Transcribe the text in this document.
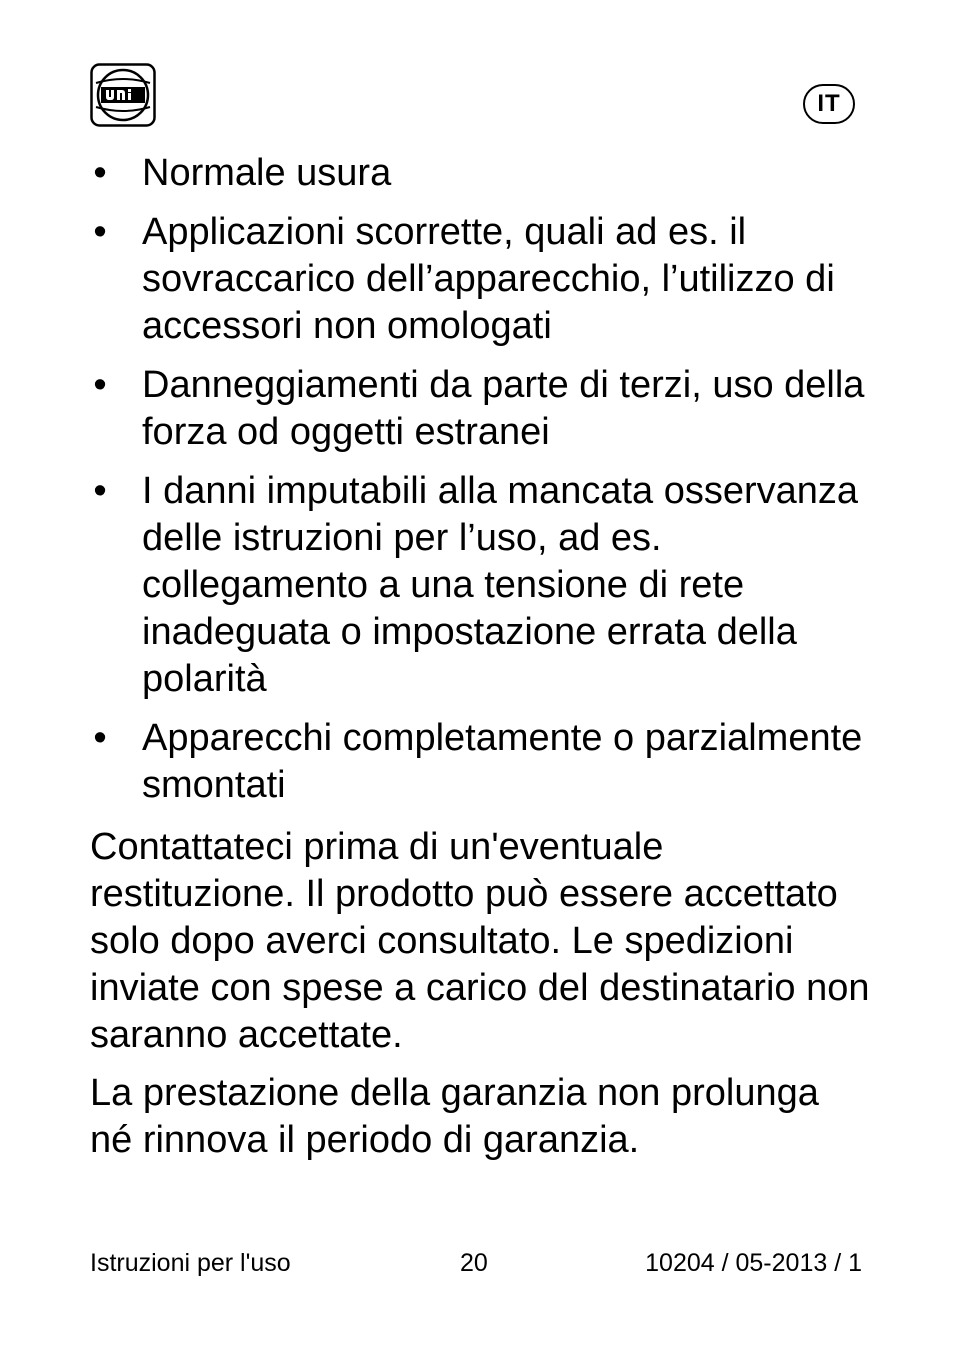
IT
• Normale usura
• Applicazioni scorrette, quali ad es. il sovraccarico dell’apparecchio, l’utilizzo di accessori non omologati
• Danneggiamenti da parte di terzi, uso della forza od oggetti estranei
• I danni imputabili alla mancata osservanza delle istruzioni per l’uso, ad es. collegamento a una tensione di rete inadeguata o impostazione errata della polarità
• Apparecchi completamente o parzialmente smontati

Contattateci prima di un'eventuale restituzione. Il prodotto può essere accettato solo dopo averci consultato. Le spedizioni inviate con spese a carico del destinatario non saranno accettate.

La prestazione della garanzia non prolunga né rinnova il periodo di garanzia.

Istruzioni per l'uso	20	10204 / 05-2013 / 1
